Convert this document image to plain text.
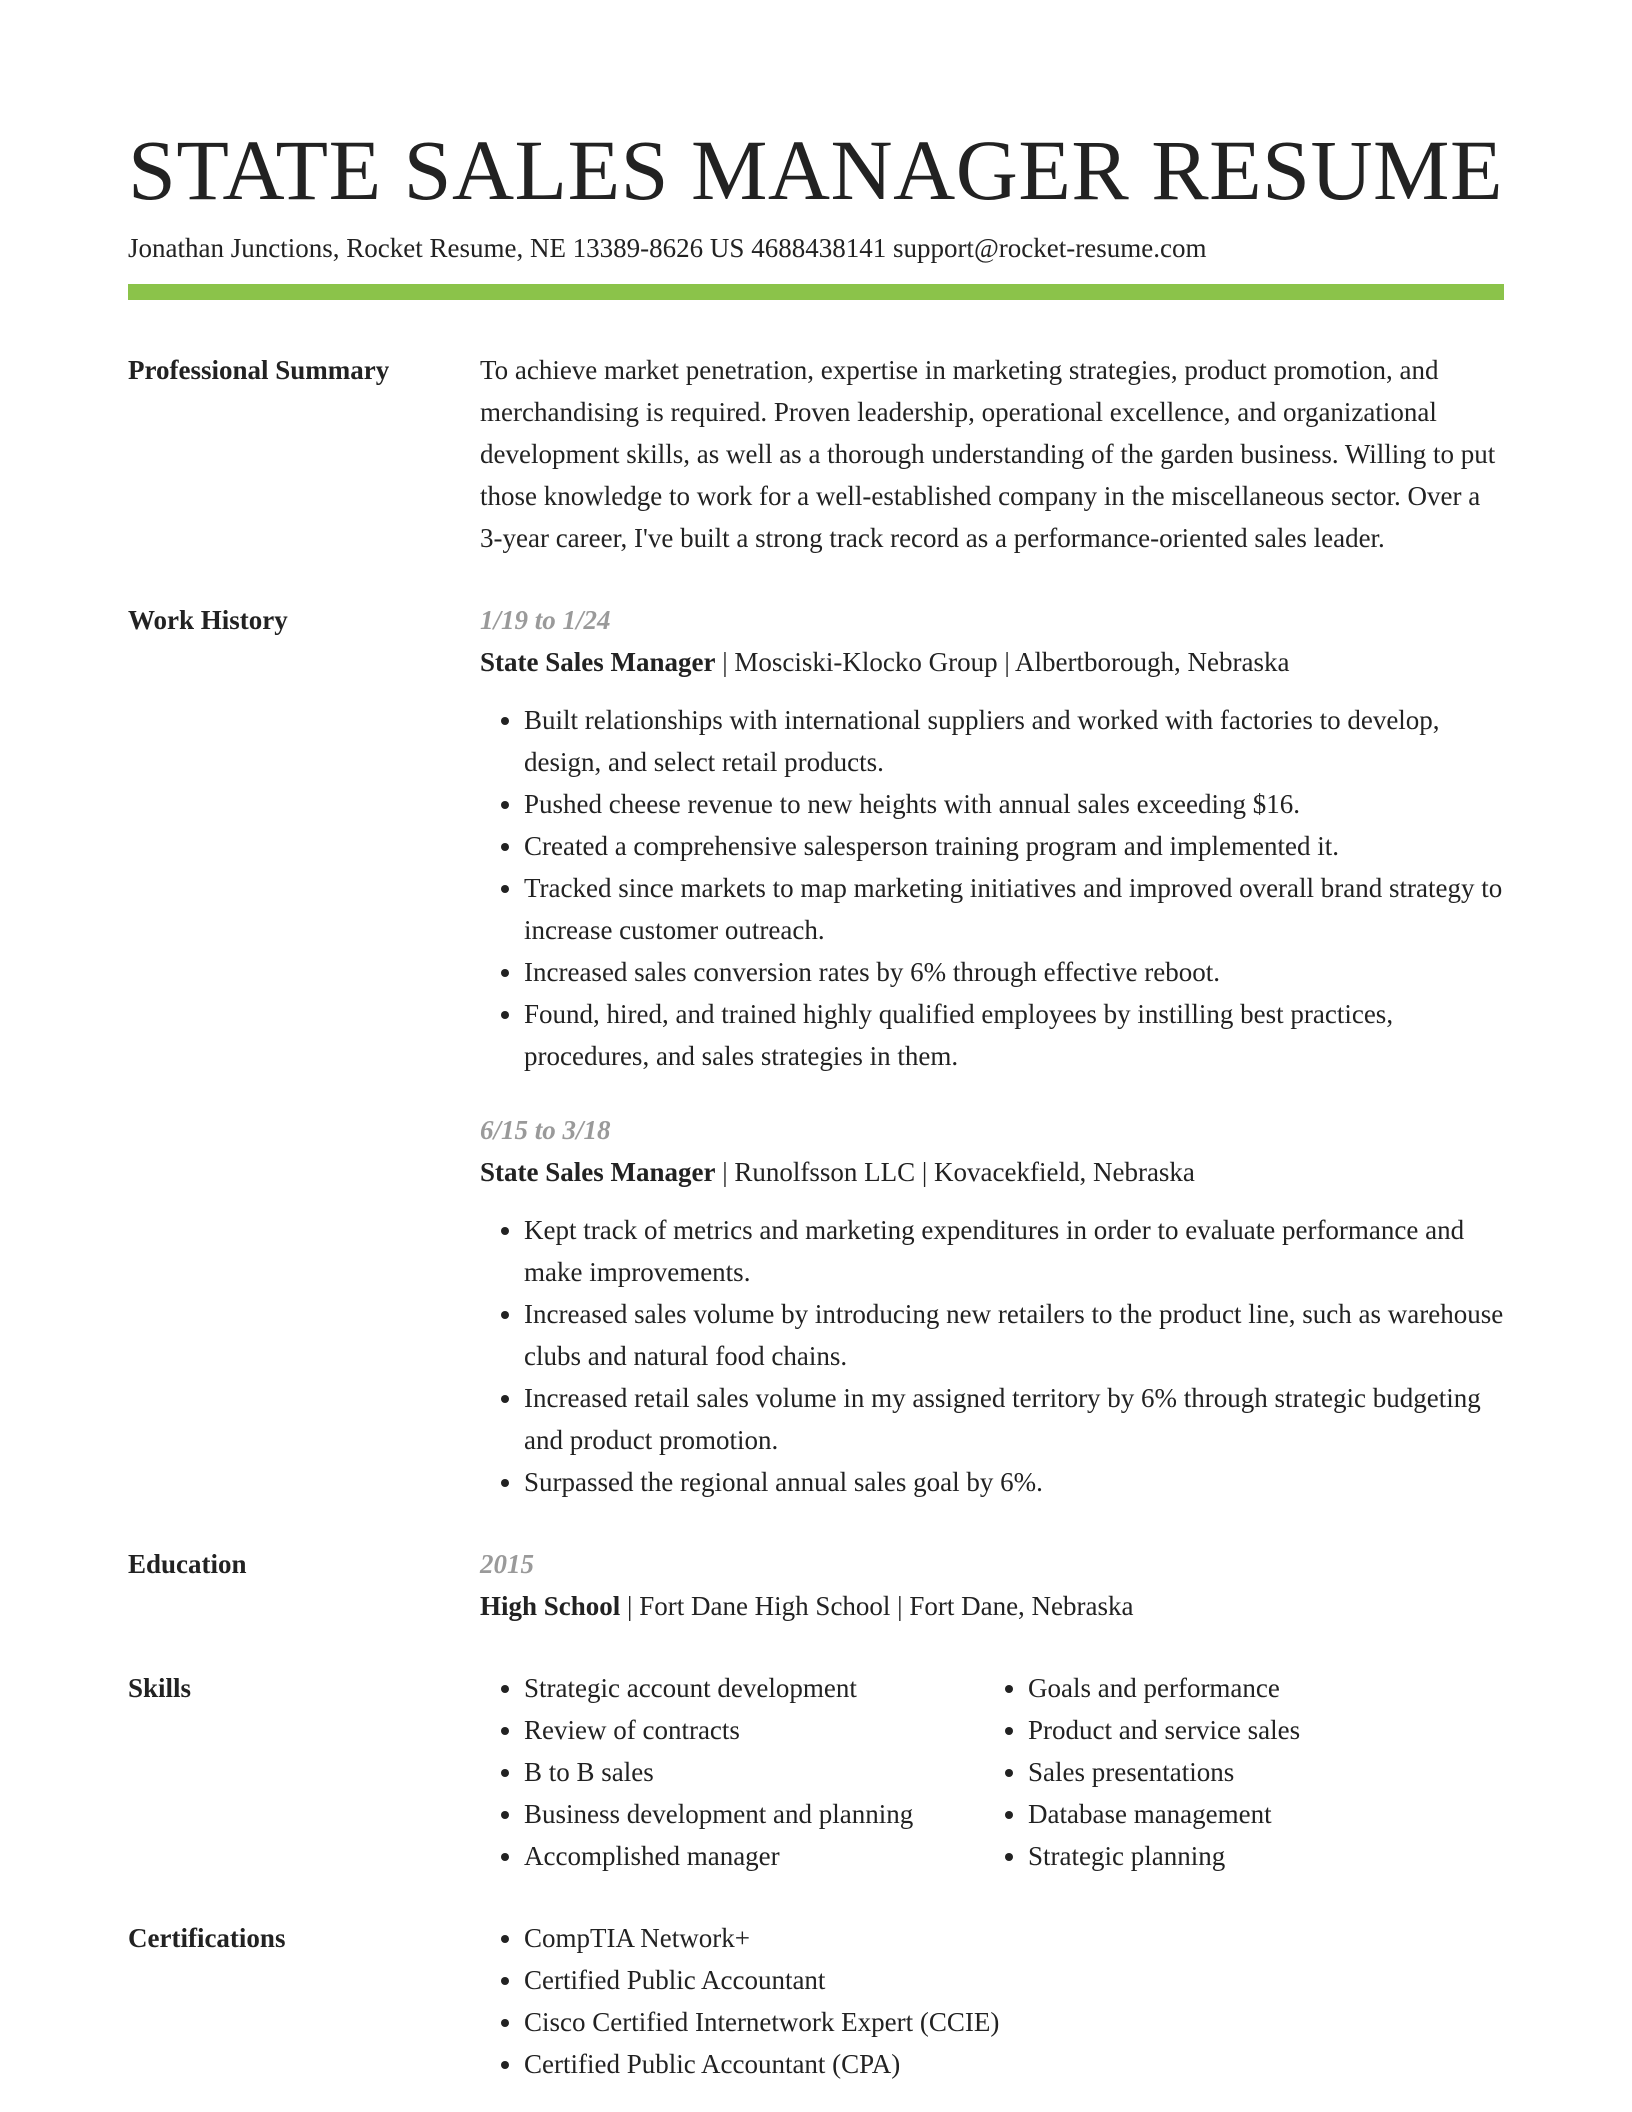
STATE SALES MANAGER RESUME
Jonathan Junctions, Rocket Resume, NE 13389-8626 US 4688438141 support@rocket-resume.com
Professional Summary	To achieve market penetration, expertise in marketing strategies, product promotion, and merchandising is required. Proven leadership, operational excellence, and organizational development skills, as well as a thorough understanding of the garden business. Willing to put those knowledge to work for a well-established company in the miscellaneous sector. Over a 3-year career, I've built a strong track record as a performance-oriented sales leader.

Work History	1/19 to 1/24
State Sales Manager | Mosciski-Klocko Group | Albertborough, Nebraska
• Built relationships with international suppliers and worked with factories to develop, design, and select retail products.
• Pushed cheese revenue to new heights with annual sales exceeding $16.
• Created a comprehensive salesperson training program and implemented it.
• Tracked since markets to map marketing initiatives and improved overall brand strategy to increase customer outreach.
• Increased sales conversion rates by 6% through effective reboot.
• Found, hired, and trained highly qualified employees by instilling best practices, procedures, and sales strategies in them.
6/15 to 3/18
State Sales Manager | Runolfsson LLC | Kovacekfield, Nebraska
• Kept track of metrics and marketing expenditures in order to evaluate performance and make improvements.
• Increased sales volume by introducing new retailers to the product line, such as warehouse clubs and natural food chains.
• Increased retail sales volume in my assigned territory by 6% through strategic budgeting and product promotion.
• Surpassed the regional annual sales goal by 6%.
Education	2015
High School | Fort Dane High School | Fort Dane, Nebraska
Skills	• Strategic account development
• Review of contracts
• B to B sales
• Business development and planning
• Accomplished manager
• Goals and performance
• Product and service sales
• Sales presentations
• Database management
• Strategic planning
Certifications	• CompTIA Network+
• Certified Public Accountant
• Cisco Certified Internetwork Expert (CCIE)
• Certified Public Accountant (CPA)
